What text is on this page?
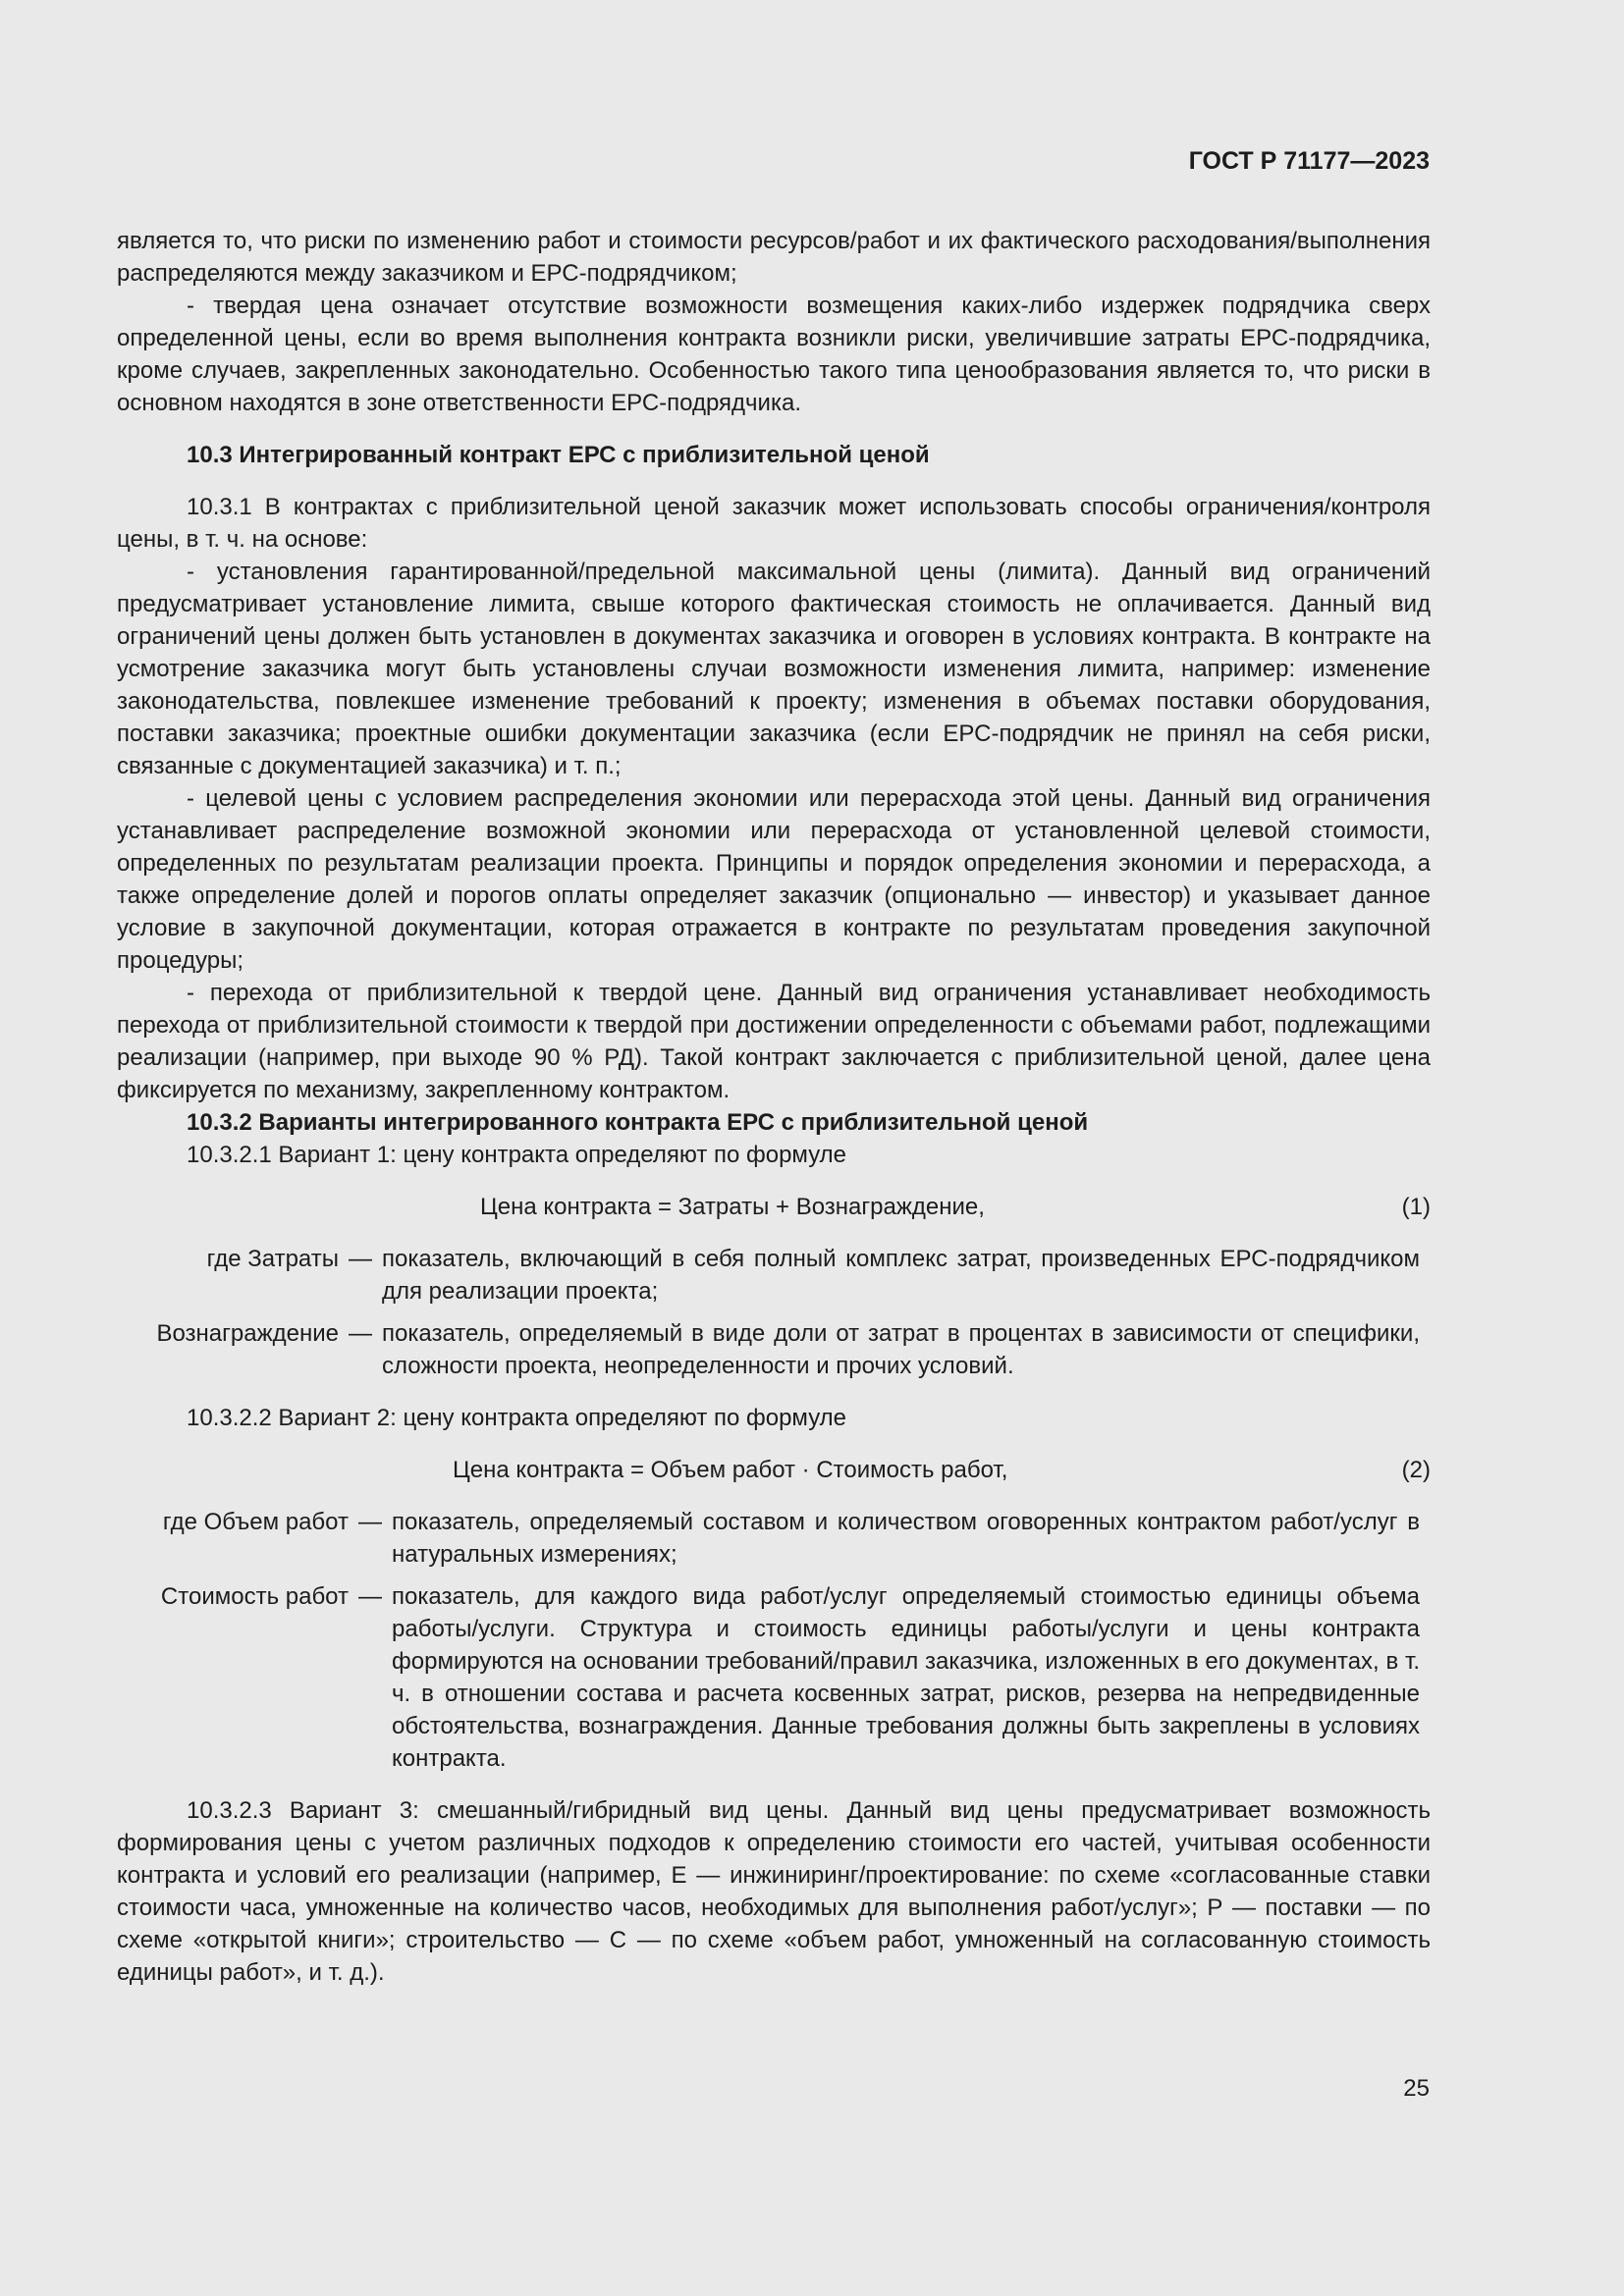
ГОСТ Р 71177—2023

является то, что риски по изменению работ и стоимости ресурсов/работ и их фактического расходования/выполнения распределяются между заказчиком и ЕРС-подрядчиком;

- твердая цена означает отсутствие возможности возмещения каких-либо издержек подрядчика сверх определенной цены, если во время выполнения контракта возникли риски, увеличившие затраты ЕРС-подрядчика, кроме случаев, закрепленных законодательно. Особенностью такого типа ценообразования является то, что риски в основном находятся в зоне ответственности ЕРС-подрядчика.

10.3 Интегрированный контракт ЕРС с приблизительной ценой

10.3.1 В контрактах с приблизительной ценой заказчик может использовать способы ограничения/контроля цены, в т. ч. на основе:

- установления гарантированной/предельной максимальной цены (лимита). Данный вид ограничений предусматривает установление лимита, свыше которого фактическая стоимость не оплачивается. Данный вид ограничений цены должен быть установлен в документах заказчика и оговорен в условиях контракта. В контракте на усмотрение заказчика могут быть установлены случаи возможности изменения лимита, например: изменение законодательства, повлекшее изменение требований к проекту; изменения в объемах поставки оборудования, поставки заказчика; проектные ошибки документации заказчика (если ЕРС-подрядчик не принял на себя риски, связанные с документацией заказчика) и т. п.;

- целевой цены с условием распределения экономии или перерасхода этой цены. Данный вид ограничения устанавливает распределение возможной экономии или перерасхода от установленной целевой стоимости, определенных по результатам реализации проекта. Принципы и порядок определения экономии и перерасхода, а также определение долей и порогов оплаты определяет заказчик (опционально — инвестор) и указывает данное условие в закупочной документации, которая отражается в контракте по результатам проведения закупочной процедуры;

- перехода от приблизительной к твердой цене. Данный вид ограничения устанавливает необходимость перехода от приблизительной стоимости к твердой при достижении определенности с объемами работ, подлежащими реализации (например, при выходе 90 % РД). Такой контракт заключается с приблизительной ценой, далее цена фиксируется по механизму, закрепленному контрактом.

10.3.2 Варианты интегрированного контракта ЕРС с приблизительной ценой

10.3.2.1 Вариант 1: цену контракта определяют по формуле

Цена контракта = Затраты + Вознаграждение,	(1)
где Затраты — показатель, включающий в себя полный комплекс затрат, произведенных ЕРС-подрядчиком для реализации проекта;
Вознаграждение — показатель, определяемый в виде доли от затрат в процентах в зависимости от специфики, сложности проекта, неопределенности и прочих условий.

10.3.2.2 Вариант 2: цену контракта определяют по формуле

Цена контракта = Объем работ · Стоимость работ,	(2)
где Объем работ — показатель, определяемый составом и количеством оговоренных контрактом работ/услуг в натуральных измерениях;
Стоимость работ — показатель, для каждого вида работ/услуг определяемый стоимостью единицы объема работы/услуги. Структура и стоимость единицы работы/услуги и цены контракта формируются на основании требований/правил заказчика, изложенных в его документах, в т. ч. в отношении состава и расчета косвенных затрат, рисков, резерва на непредвиденные обстоятельства, вознаграждения. Данные требования должны быть закреплены в условиях контракта.

10.3.2.3 Вариант 3: смешанный/гибридный вид цены. Данный вид цены предусматривает возможность формирования цены с учетом различных подходов к определению стоимости его частей, учитывая особенности контракта и условий его реализации (например, Е — инжиниринг/проектирование: по схеме «согласованные ставки стоимости часа, умноженные на количество часов, необходимых для выполнения работ/услуг»; Р — поставки — по схеме «открытой книги»; строительство — С — по схеме «объем работ, умноженный на согласованную стоимость единицы работ», и т. д.).

25
